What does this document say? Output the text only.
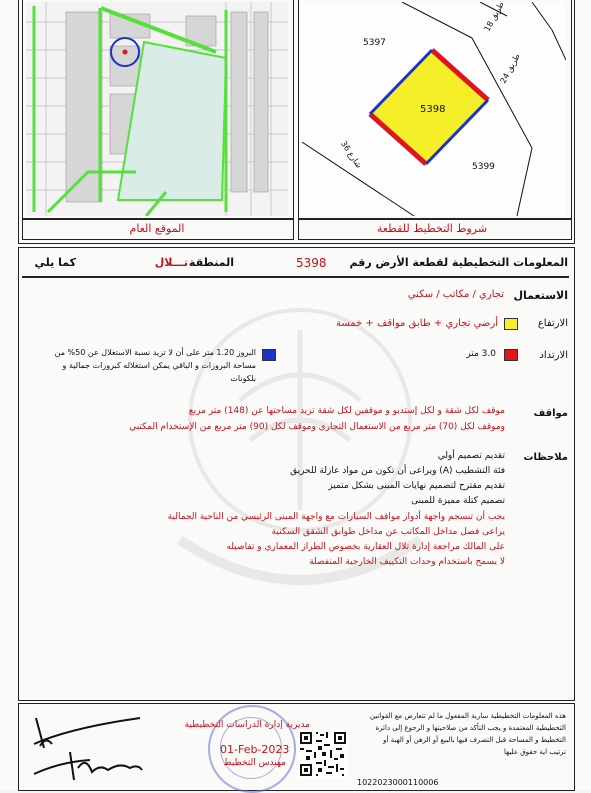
الموقع العام
5398
5397
5399
طريق 18
طريق 24
شارع 36
شروط التخطيط للقطعة
المعلومات التخطيطية لقطعة الأرض رقم
5398
المنطقة
تـــلال
كما يلي
الاستعمال
تجاري / مكاتب / سكني
الارتفاع
أرضي تجاري + طابق مواقف + خمسة
الارتداد
3.0 متر
البروز 1.20 متر على أن لا تزيد نسبة الاستغلال عن 50% من
مساحة البروزات و الباقي يمكن استغلاله كبروزات جمالية و
بلكونات
مواقف
موقف لكل شقة و لكل إستديو و موقفين لكل شقة تزيد مساحتها عن (148) متر مربع
وموقف لكل (70) متر مربع من الاستعمال التجاري وموقف لكل (90) متر مربع من الإستخدام المكتبي
ملاحظات
تقديم تصميم أولي
فئة التشطيب (A) ويراعى أن تكون من مواد عازلة للحريق
تقديم مقترح لتصميم نهايات المبنى بشكل متميز
تصميم كتلة مميزة للمبنى
يجب أن تنسجم واجهة أدوار مواقف السيارات مع واجهة المبنى الرئيسي من الناحية الجمالية
يراعى فصل مداخل المكاتب عن مداخل طوابق الشقق السكنية
على المالك مراجعة إدارة تلال العقارية بخصوص الطراز المعماري و تفاصيله
لا يسمح باستخدام وحدات التكييف الخارجية المنفصلة
هذه المعلومات التخطيطية سارية المفعول ما لم تتعارض مع القوانين
التخطيطية المعتمدة و يجب التأكد من صلاحيتها و الرجوع إلى دائرة
التخطيط و المساحة قبل التصرف فيها بالبيع أو الرهن أو الهبة أو
ترتيب اية حقوق عليها
1022023000110006
مديرية إدارة الدراسات التخطيطية
01-Feb-2023
مهندس التخطيط
